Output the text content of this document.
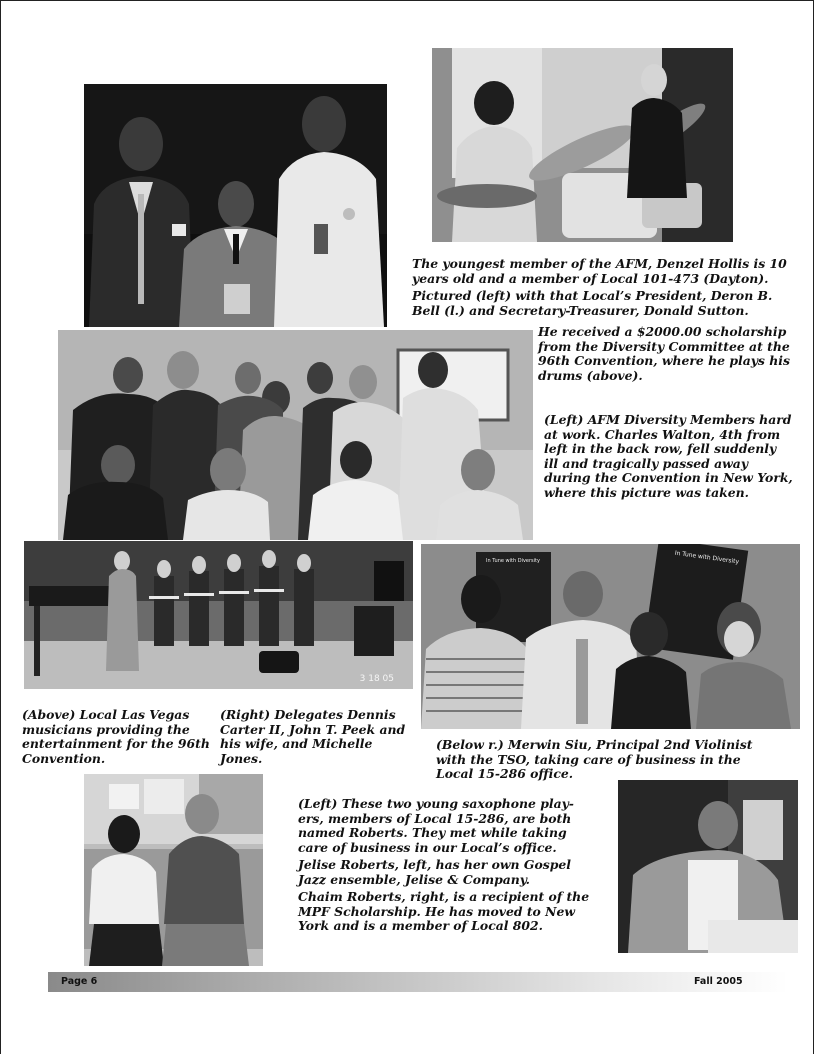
The youngest member of the AFM, Denzel Hollis is 10 years old and a member of Local 101-473 (Dayton).

Pictured (left) with that Local’s President, Deron B. Bell (l.) and Secretary-Treasurer, Donald Sutton.

He received a $2000.00 scholarship from the Diversity Committee at the 96th Convention, where he plays his drums (above).

(Left) AFM Diversity Members hard at work. Charles Walton, 4th from left in the back row, fell suddenly ill and tragically passed away during the Convention in New York, where this picture was taken.

3 18 05
In Tune with Diversity	In Tune with Diversity

(Above) Local Las Vegas musicians providing the entertainment for the 96th Convention.

(Right) Delegates Dennis Carter II, John T. Peek and his wife, and Michelle Jones.

(Below r.) Merwin Siu, Principal 2nd Violinist with the TSO, taking care of business in the Local 15-286 office.

(Left) These two young saxophone play-ers, members of Local 15-286, are both named Roberts. They met while taking care of business in our Local’s office.

Jelise Roberts, left, has her own Gospel Jazz ensemble, Jelise & Company.

Chaim Roberts, right, is a recipient of the MPF Scholarship. He has moved to New York and is a member of Local 802.

Page 6	Fall 2005
